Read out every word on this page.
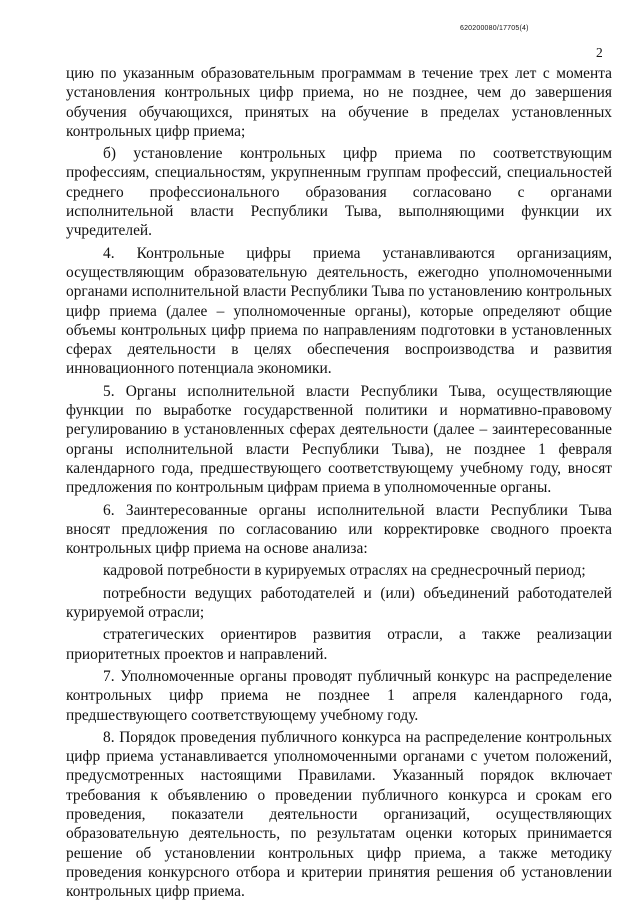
620200080/17705(4)
2

цию по указанным образовательным программам в течение трех лет с момента установления контрольных цифр приема, но не позднее, чем до завершения обучения обучающихся, принятых на обучение в пределах установленных контрольных цифр приема;

б) установление контрольных цифр приема по соответствующим профессиям, специальностям, укрупненным группам профессий, специальностей среднего профессионального образования согласовано с органами исполнительной власти Республики Тыва, выполняющими функции их учредителей.

4. Контрольные цифры приема устанавливаются организациям, осуществляющим образовательную деятельность, ежегодно уполномоченными органами исполнительной власти Республики Тыва по установлению контрольных цифр приема (далее – уполномоченные органы), которые определяют общие объемы контрольных цифр приема по направлениям подготовки в установленных сферах деятельности в целях обеспечения воспроизводства и развития инновационного потенциала экономики.

5. Органы исполнительной власти Республики Тыва, осуществляющие функции по выработке государственной политики и нормативно-правовому регулированию в установленных сферах деятельности (далее – заинтересованные органы исполнительной власти Республики Тыва), не позднее 1 февраля календарного года, предшествующего соответствующему учебному году, вносят предложения по контрольным цифрам приема в уполномоченные органы.

6. Заинтересованные органы исполнительной власти Республики Тыва вносят предложения по согласованию или корректировке сводного проекта контрольных цифр приема на основе анализа:

кадровой потребности в курируемых отраслях на среднесрочный период;

потребности ведущих работодателей и (или) объединений работодателей курируемой отрасли;

стратегических ориентиров развития отрасли, а также реализации приоритетных проектов и направлений.

7. Уполномоченные органы проводят публичный конкурс на распределение контрольных цифр приема не позднее 1 апреля календарного года, предшествующего соответствующему учебному году.

8. Порядок проведения публичного конкурса на распределение контрольных цифр приема устанавливается уполномоченными органами с учетом положений, предусмотренных настоящими Правилами. Указанный порядок включает требования к объявлению о проведении публичного конкурса и срокам его проведения, показатели деятельности организаций, осуществляющих образовательную деятельность, по результатам оценки которых принимается решение об установлении контрольных цифр приема, а также методику проведения конкурсного отбора и критерии принятия решения об установлении контрольных цифр приема.
